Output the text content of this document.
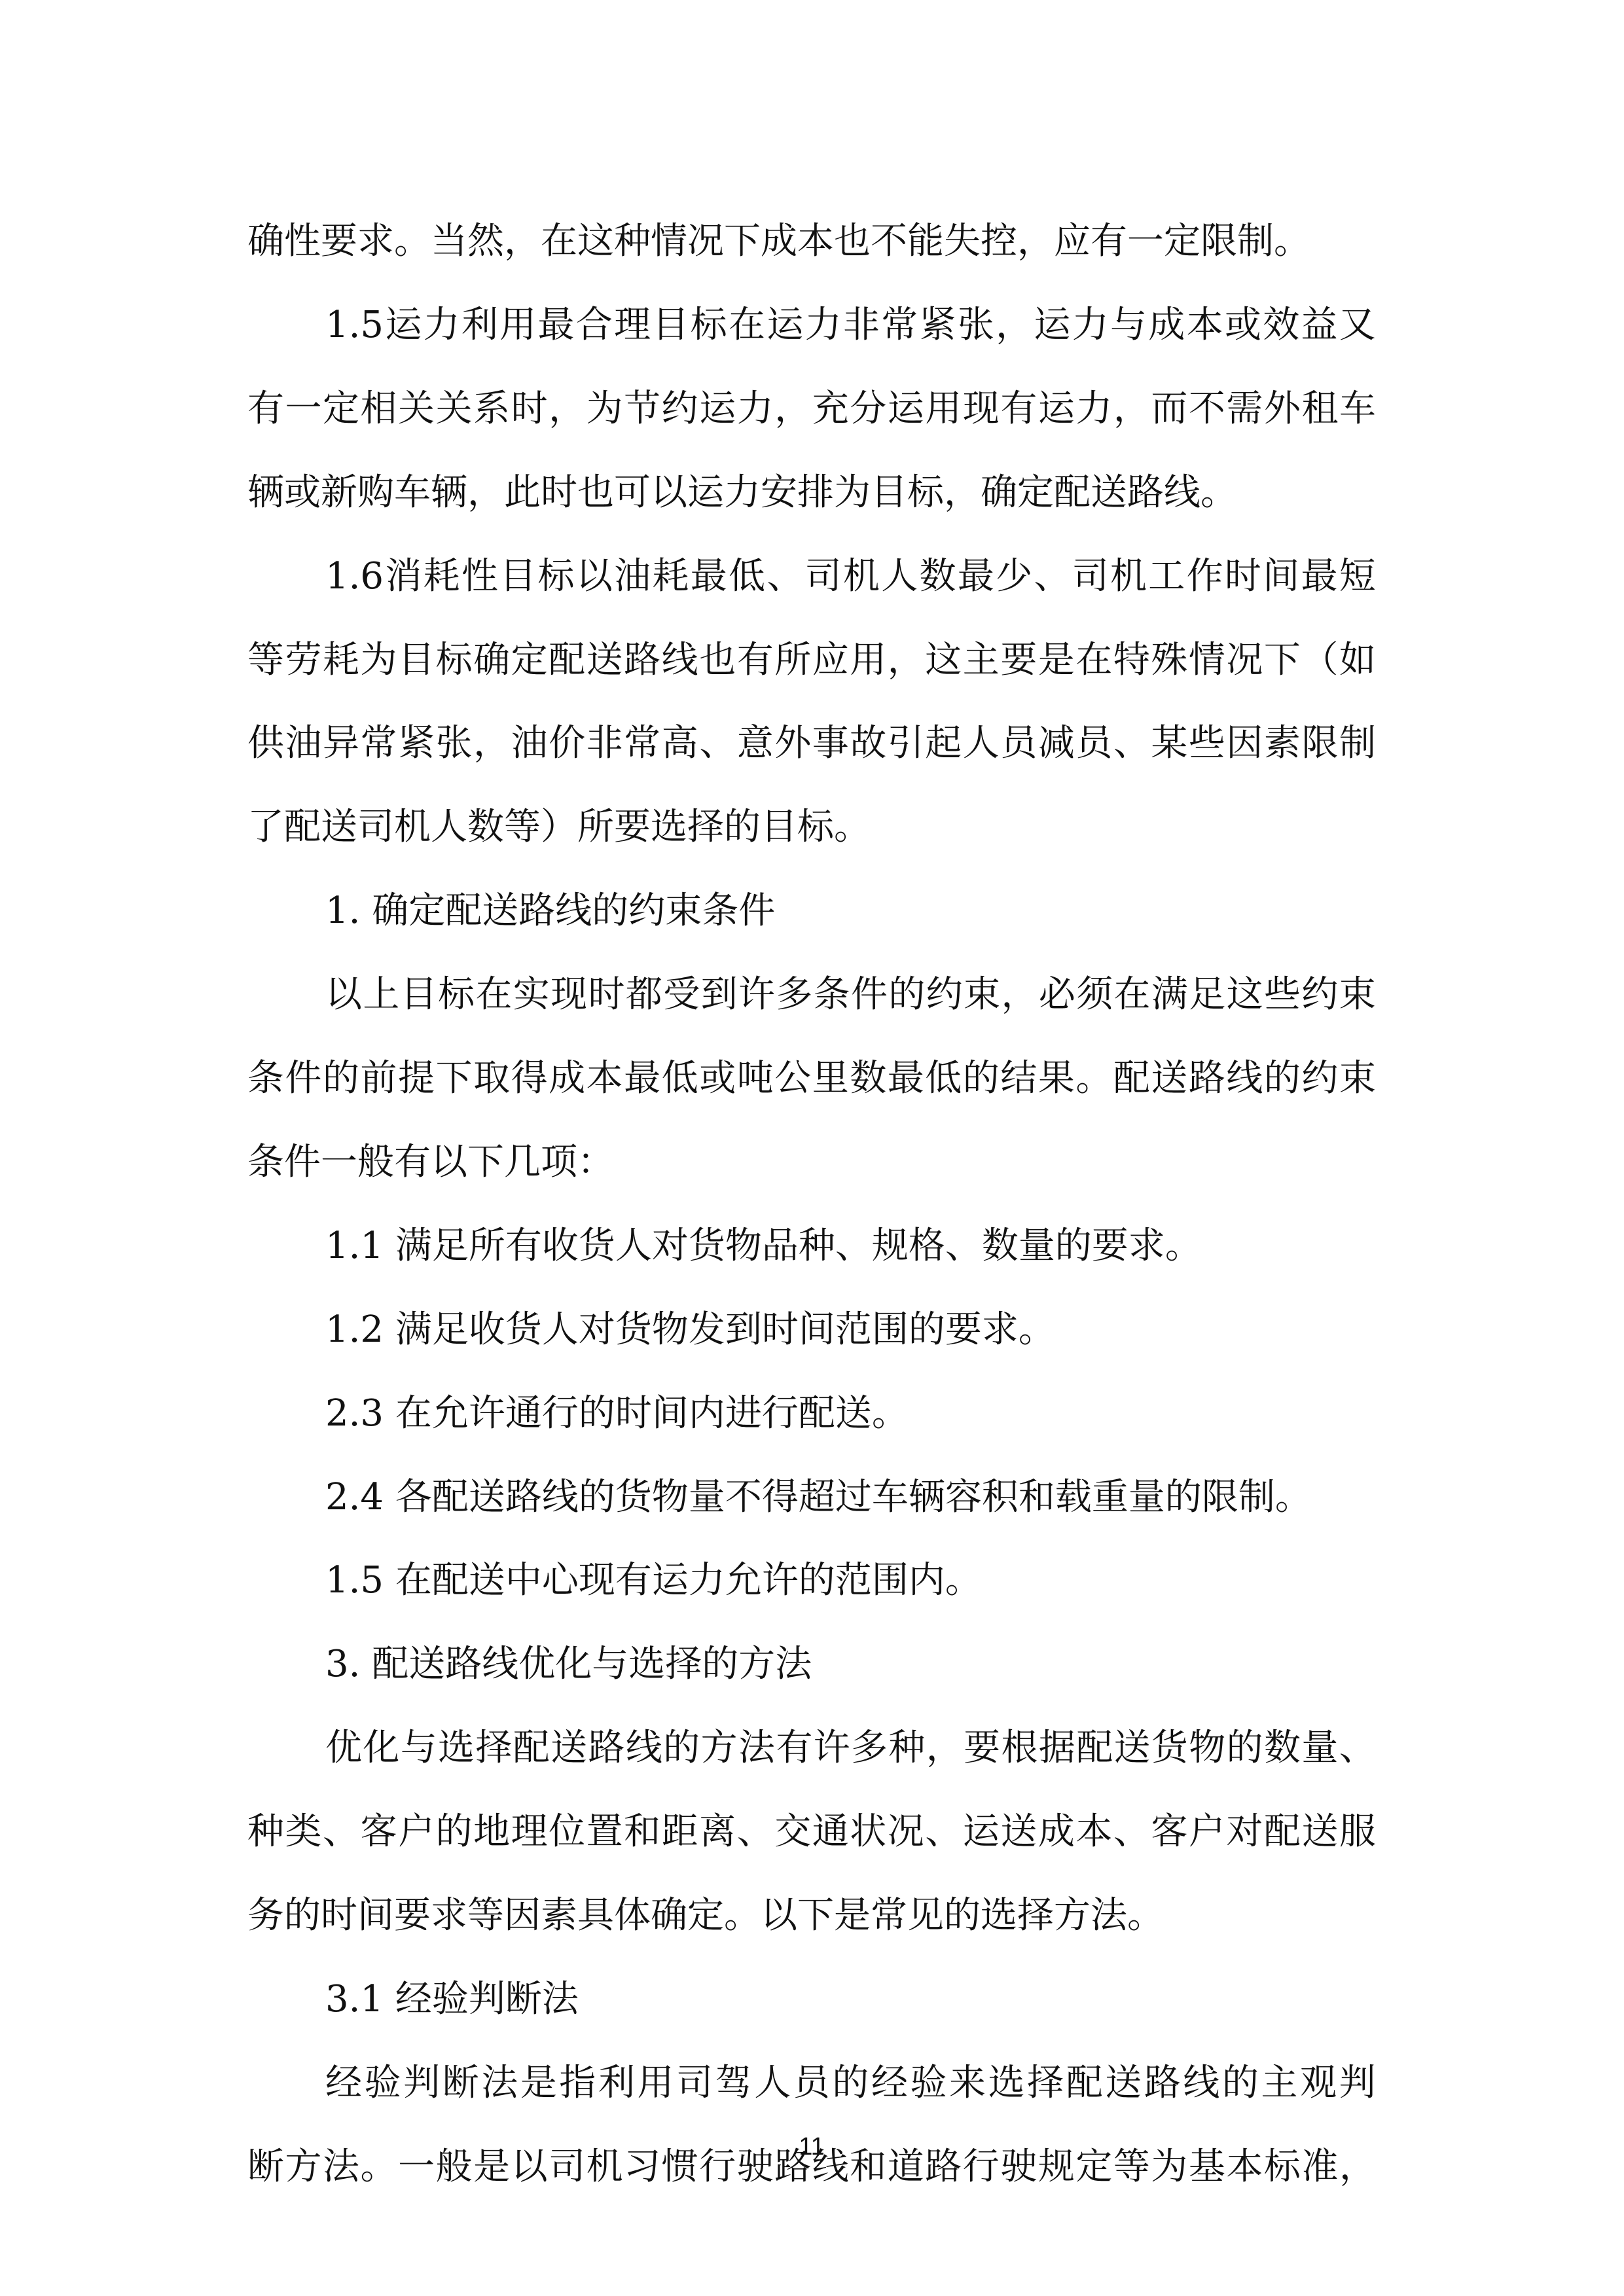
确性要求。当然，在这种情况下成本也不能失控，应有一定限制。
1.5 运 力 利 用 最 合 理 目 标 在 运 力 非 常 紧 张 ， 运 力 与 成 本 或 效 益 又
有 一 定 相 关 关 系 时 ， 为 节 约 运 力 ， 充 分 运 用 现 有 运 力 ， 而 不 需 外 租 车
辆或新购车辆，此时也可以运力安排为目标，确定配送路线。
1.6 消 耗 性 目 标 以 油 耗 最 低 、 司 机 人 数 最 少 、 司 机 工 作 时 间 最 短
等 劳 耗 为 目 标 确 定 配 送 路 线 也 有 所 应 用 ， 这 主 要 是 在 特 殊 情 况 下 （ 如
供 油 异 常 紧 张 ， 油 价 非 常 高 、 意 外 事 故 引 起 人 员 减 员 、 某 些 因 素 限 制
了配送司机人数等）所要选择的目标。
1. 确定配送路线的约束条件
以 上 目 标 在 实 现 时 都 受 到 许 多 条 件 的 约 束 ， 必 须 在 满 足 这 些 约 束
条 件 的 前 提 下 取 得 成 本 最 低 或 吨 公 里 数 最 低 的 结 果 。 配 送 路 线 的 约 束
条件一般有以下几项：
1.1 满足所有收货人对货物品种、规格、数量的要求。
1.2 满足收货人对货物发到时间范围的要求。
2.3 在允许通行的时间内进行配送。
2.4 各配送路线的货物量不得超过车辆容积和载重量的限制。
1.5 在配送中心现有运力允许的范围内。
3. 配送路线优化与选择的方法
优 化 与 选 择 配 送 路 线 的 方 法 有 许 多 种 ， 要 根 据 配 送 货 物 的 数 量 、
种 类 、 客 户 的 地 理 位 置 和 距 离 、 交 通 状 况 、 运 送 成 本 、 客 户 对 配 送 服
务的时间要求等因素具体确定。以下是常见的选择方法。
3.1 经验判断法
经 验 判 断 法 是 指 利 用 司 驾 人 员 的 经 验 来 选 择 配 送 路 线 的 主 观 判
断 方 法 。 一 般 是 以 司 机 习 惯 行 驶 路 线 和 道 路 行 驶 规 定 等 为 基 本 标 准 ，
11
